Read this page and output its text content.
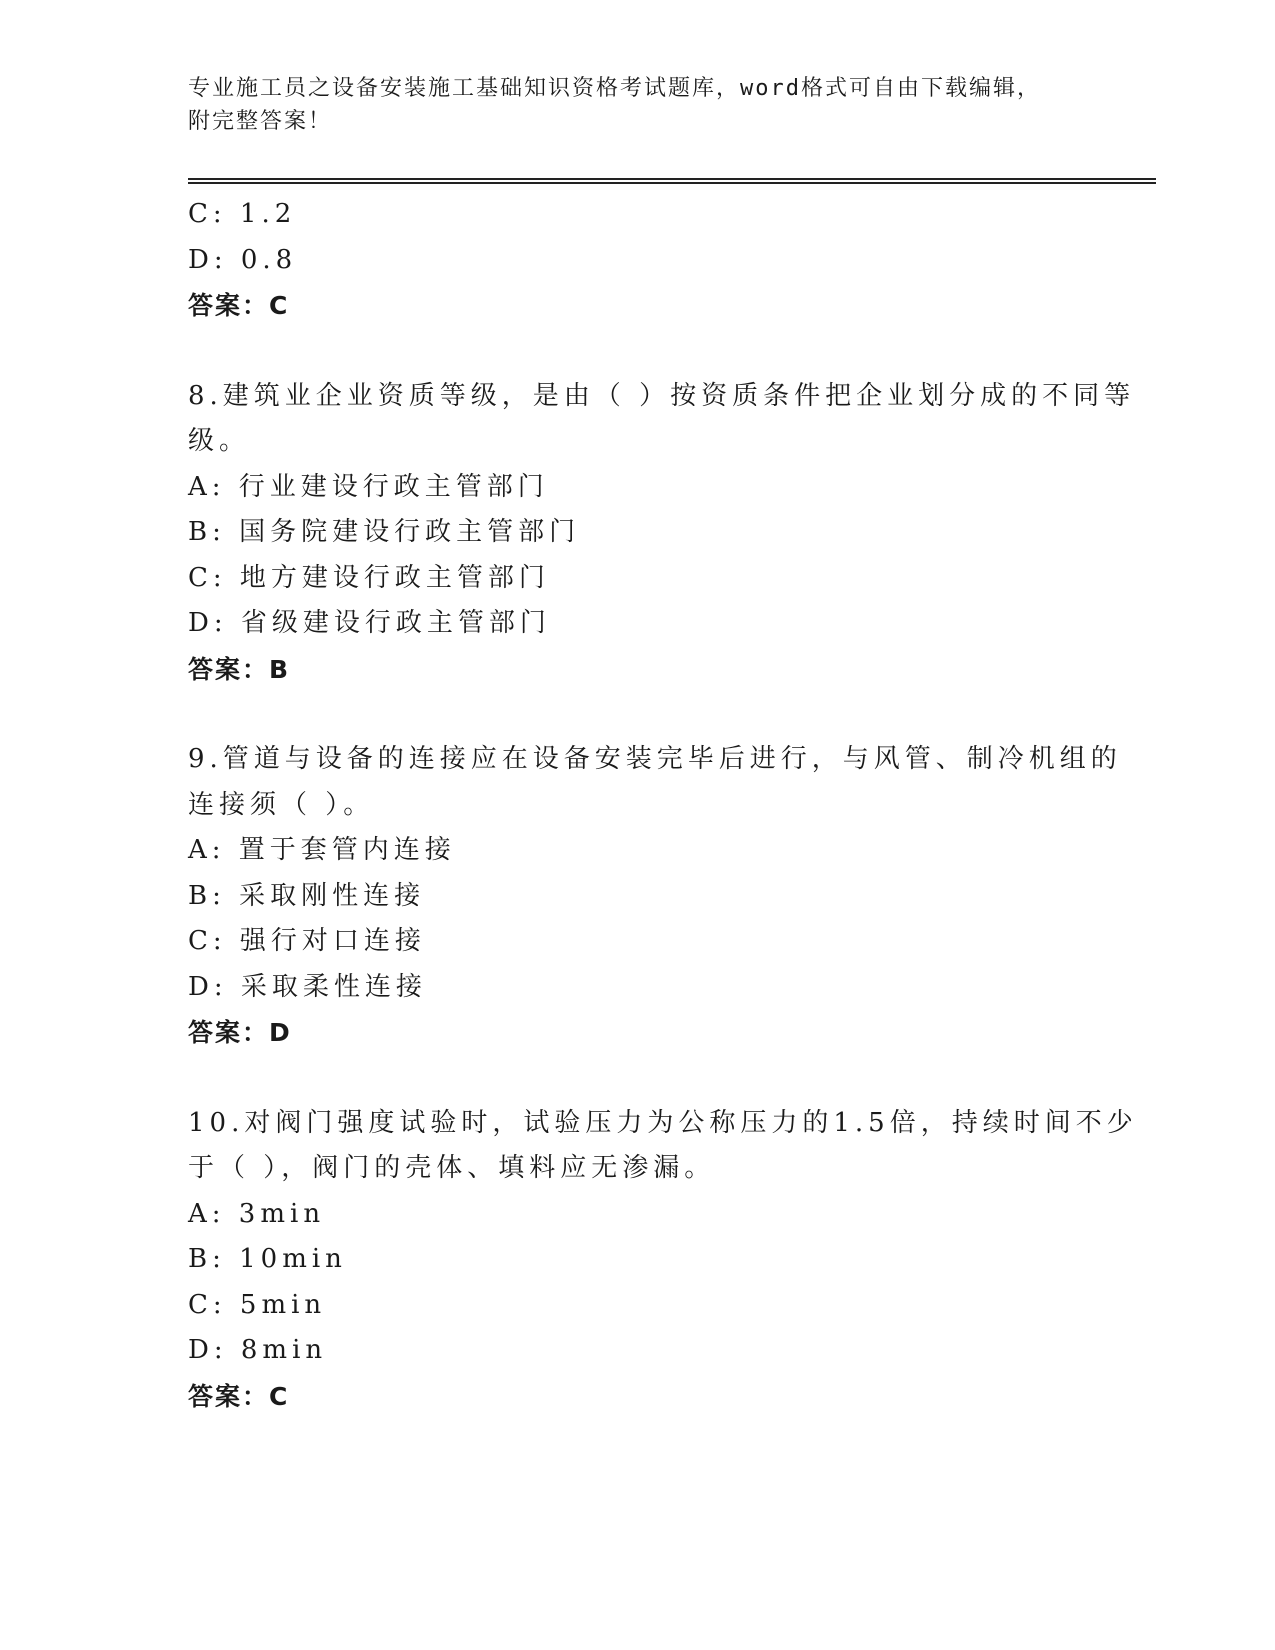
专业施工员之设备安装施工基础知识资格考试题库，word格式可自由下载编辑，
附完整答案！
C: 1.2
D: 0.8
答案：C
8.建筑业企业资质等级，是由（ ）按资质条件把企业划分成的不同等
级。
A: 行业建设行政主管部门
B: 国务院建设行政主管部门
C: 地方建设行政主管部门
D: 省级建设行政主管部门
答案：B
9.管道与设备的连接应在设备安装完毕后进行，与风管、制冷机组的
连接须（ ）。
A: 置于套管内连接
B: 采取刚性连接
C: 强行对口连接
D: 采取柔性连接
答案：D
10.对阀门强度试验时，试验压力为公称压力的1.5倍，持续时间不少
于（ ），阀门的壳体、填料应无渗漏。
A: 3min
B: 10min
C: 5min
D: 8min
答案：C
